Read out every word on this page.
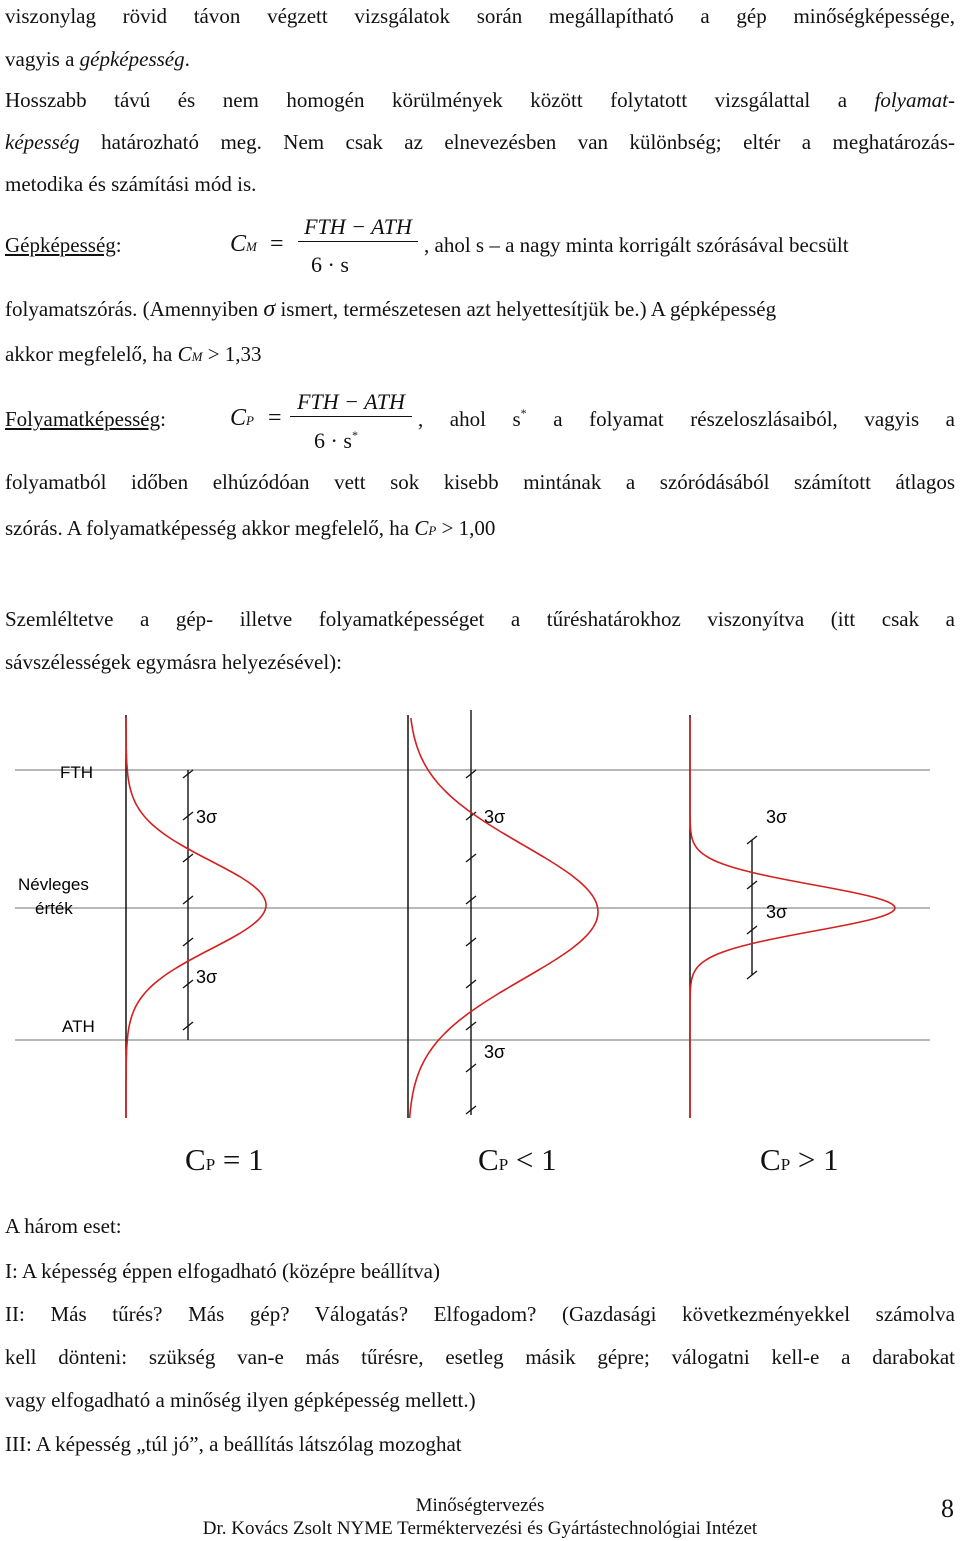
viszonylag rövid távon végzett vizsgálatok során megállapítható a gép minőségképessége,
vagyis a gépképesség.
Hosszabb távú és nem homogén körülmények között folytatott vizsgálattal a folyamat-
képesség határozható meg. Nem csak az elnevezésben van különbség; eltér a meghatározás-
metodika és számítási mód is.
Gépképesség:	CM =
FTH − ATH
6 · s
, ahol s – a nagy minta korrigált szórásával becsült
folyamatszórás. (Amennyiben σ ismert, természetesen azt helyettesítjük be.) A gépképesség
akkor megfelelő, ha CM > 1,33
Folyamatképesség:	CP =
FTH − ATH
6 · s*
, ahol s* a folyamat részeloszlásaiból, vagyis a
folyamatból időben elhúzódóan vett sok kisebb mintának a szóródásából számított átlagos
szórás. A folyamatképesség akkor megfelelő, ha CP > 1,00
Szemléltetve a gép- illetve folyamatképességet a tűréshatárokhoz viszonyítva (itt csak a
sávszélességek egymásra helyezésével):
FTH
Névleges
érték
ATH
3σ
3σ
3σ
3σ
3σ
3σ
CP = 1	CP < 1	CP > 1
A három eset:
I: A képesség éppen elfogadható (középre beállítva)
II: Más tűrés? Más gép? Válogatás? Elfogadom? (Gazdasági következményekkel számolva
kell dönteni: szükség van-e más tűrésre, esetleg másik gépre; válogatni kell-e a darabokat
vagy elfogadható a minőség ilyen gépképesség mellett.)
III: A képesség „túl jó”, a beállítás látszólag mozoghat
Minőségtervezés
Dr. Kovács Zsolt NYME Terméktervezési és Gyártástechnológiai Intézet
8
